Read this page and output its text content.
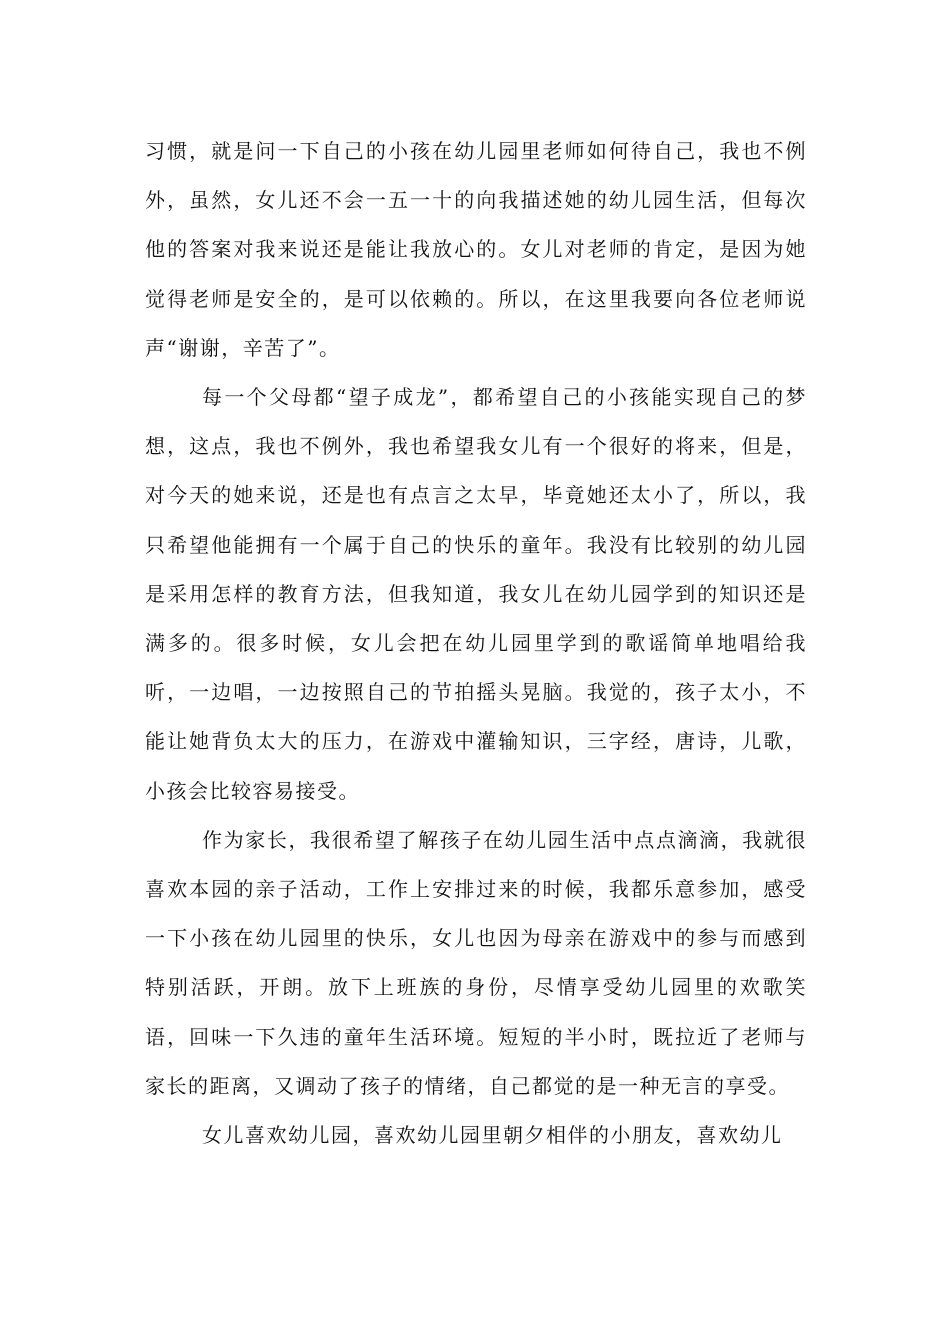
习惯，就是问一下自己的小孩在幼儿园里老师如何待自己，我也不例外，虽然，女儿还不会一五一十的向我描述她的幼儿园生活，但每次他的答案对我来说还是能让我放心的。女儿对老师的肯定，是因为她觉得老师是安全的，是可以依赖的。所以，在这里我要向各位老师说声“谢谢，辛苦了”。

每一个父母都“望子成龙”，都希望自己的小孩能实现自己的梦想，这点，我也不例外，我也希望我女儿有一个很好的将来，但是，对今天的她来说，还是也有点言之太早，毕竟她还太小了，所以，我只希望他能拥有一个属于自己的快乐的童年。我没有比较别的幼儿园是采用怎样的教育方法，但我知道，我女儿在幼儿园学到的知识还是满多的。很多时候，女儿会把在幼儿园里学到的歌谣简单地唱给我听，一边唱，一边按照自己的节拍摇头晃脑。我觉的，孩子太小，不能让她背负太大的压力，在游戏中灌输知识，三字经，唐诗，儿歌，小孩会比较容易接受。

作为家长，我很希望了解孩子在幼儿园生活中点点滴滴，我就很喜欢本园的亲子活动，工作上安排过来的时候，我都乐意参加，感受一下小孩在幼儿园里的快乐，女儿也因为母亲在游戏中的参与而感到特别活跃，开朗。放下上班族的身份，尽情享受幼儿园里的欢歌笑语，回味一下久违的童年生活环境。短短的半小时，既拉近了老师与家长的距离，又调动了孩子的情绪，自己都觉的是一种无言的享受。

女儿喜欢幼儿园，喜欢幼儿园里朝夕相伴的小朋友，喜欢幼儿
